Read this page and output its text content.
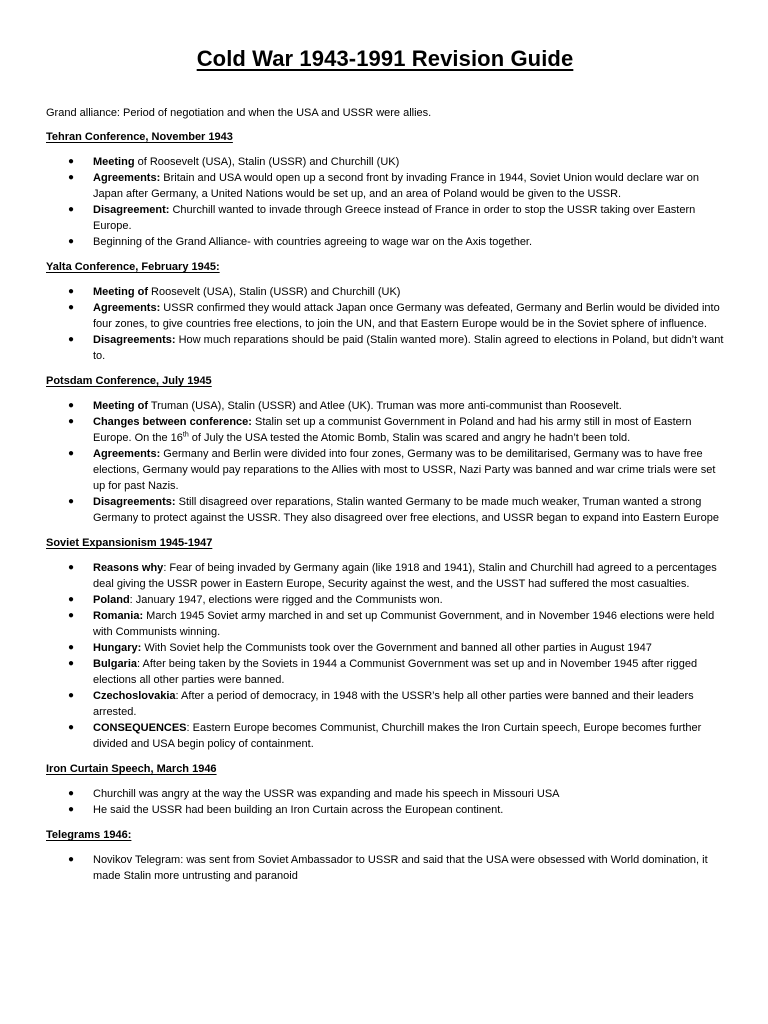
Cold War 1943-1991 Revision Guide
Grand alliance: Period of negotiation and when the USA and USSR were allies.
Tehran Conference, November 1943
● Meeting of Roosevelt (USA), Stalin (USSR) and Churchill (UK)
● Agreements: Britain and USA would open up a second front by invading France in 1944, Soviet Union would declare war on Japan after Germany, a United Nations would be set up, and an area of Poland would be given to the USSR.
● Disagreement: Churchill wanted to invade through Greece instead of France in order to stop the USSR taking over Eastern Europe.
● Beginning of the Grand Alliance- with countries agreeing to wage war on the Axis together.
Yalta Conference, February 1945:
● Meeting of Roosevelt (USA), Stalin (USSR) and Churchill (UK)
● Agreements: USSR confirmed they would attack Japan once Germany was defeated, Germany and Berlin would be divided into four zones, to give countries free elections, to join the UN, and that Eastern Europe would be in the Soviet sphere of influence.
● Disagreements: How much reparations should be paid (Stalin wanted more). Stalin agreed to elections in Poland, but didn’t want to.
Potsdam Conference, July 1945
● Meeting of Truman (USA), Stalin (USSR) and Atlee (UK). Truman was more anti-communist than Roosevelt.
● Changes between conference: Stalin set up a communist Government in Poland and had his army still in most of Eastern Europe. On the 16th of July the USA tested the Atomic Bomb, Stalin was scared and angry he hadn’t been told.
● Agreements: Germany and Berlin were divided into four zones, Germany was to be demilitarised, Germany was to have free elections, Germany would pay reparations to the Allies with most to USSR, Nazi Party was banned and war crime trials were set up for past Nazis.
● Disagreements: Still disagreed over reparations, Stalin wanted Germany to be made much weaker, Truman wanted a strong Germany to protect against the USSR. They also disagreed over free elections, and USSR began to expand into Eastern Europe
Soviet Expansionism 1945-1947
● Reasons why: Fear of being invaded by Germany again (like 1918 and 1941), Stalin and Churchill had agreed to a percentages deal giving the USSR power in Eastern Europe, Security against the west, and the USST had suffered the most casualties.
● Poland: January 1947, elections were rigged and the Communists won.
● Romania: March 1945 Soviet army marched in and set up Communist Government, and in November 1946 elections were held with Communists winning.
● Hungary: With Soviet help the Communists took over the Government and banned all other parties in August 1947
● Bulgaria: After being taken by the Soviets in 1944 a Communist Government was set up and in November 1945 after rigged elections all other parties were banned.
● Czechoslovakia: After a period of democracy, in 1948 with the USSR’s help all other parties were banned and their leaders arrested.
● CONSEQUENCES: Eastern Europe becomes Communist, Churchill makes the Iron Curtain speech, Europe becomes further divided and USA begin policy of containment.
Iron Curtain Speech, March 1946
● Churchill was angry at the way the USSR was expanding and made his speech in Missouri USA
● He said the USSR had been building an Iron Curtain across the European continent.
Telegrams 1946:
● Novikov Telegram: was sent from Soviet Ambassador to USSR and said that the USA were obsessed with World domination, it made Stalin more untrusting and paranoid
